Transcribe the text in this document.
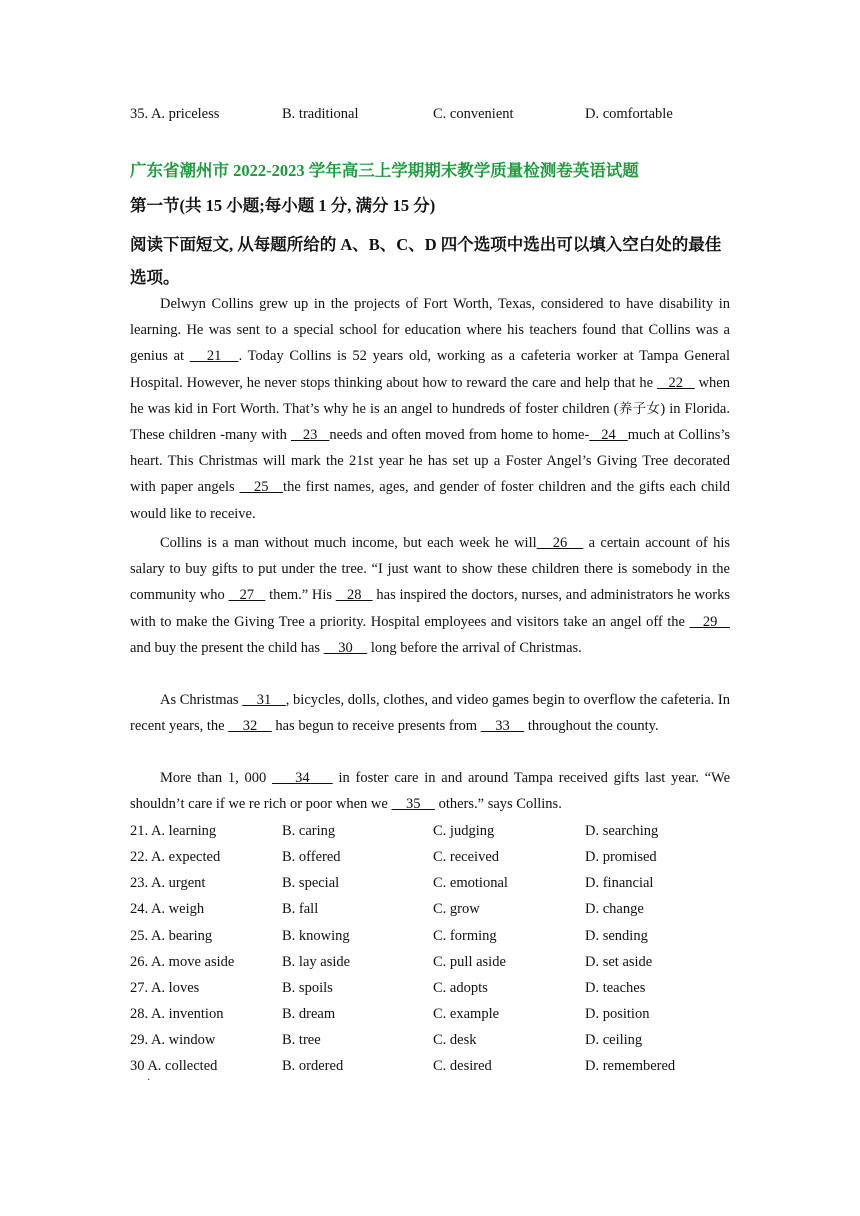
35. A. priceless	B. traditional	C. convenient	D. comfortable
广东省潮州市 2022-2023 学年高三上学期期末教学质量检测卷英语试题
第一节(共 15 小题;每小题 1 分, 满分 15 分)
阅读下面短文, 从每题所给的 A、B、C、D 四个选项中选出可以填入空白处的最佳选项。

Delwyn Collins grew up in the projects of Fort Worth, Texas, considered to have disability in learning. He was sent to a special school for education where his teachers found that Collins was a genius at    21   . Today Collins is 52 years old, working as a cafeteria worker at Tampa General Hospital. However, he never stops thinking about how to reward the care and help that he    22    when he was kid in Fort Worth. That’s why he is an angel to hundreds of foster children (养子女) in Florida. These children -many with    23   needs and often moved from home to home-   24   much at Collins’s heart. This Christmas will mark the 21st year he has set up a Foster Angel’s Giving Tree decorated with paper angels    25   the first names, ages, and gender of foster children and the gifts each child would like to receive.

Collins is a man without much income, but each week he will   26    a certain account of his salary to buy gifts to put under the tree. “I just want to show these children there is somebody in the community who    27    them.” His    28    has inspired the doctors, nurses, and administrators he works with to make the Giving Tree a priority. Hospital employees and visitors take an angel off the    29    and buy the present the child has     30     long before the arrival of Christmas.

As Christmas     31    , bicycles, dolls, clothes, and video games begin to overflow the cafeteria. In recent years, the     32     has begun to receive presents from     33     throughout the county.

More than 1, 000     34     in foster care in and around Tampa received gifts last year. “We shouldn’t care if we re rich or poor when we     35     others.” says Collins.

21. A. learning	B. caring	C. judging	D. searching
22. A. expected	B. offered	C. received	D. promised
23. A. urgent	B. special	C. emotional	D. financial
24. A. weigh	B. fall	C. grow	D. change
25. A. bearing	B. knowing	C. forming	D. sending
26. A. move aside	B. lay aside	C. pull aside	D. set aside
27. A. loves	B. spoils	C. adopts	D. teaches
28. A. invention	B. dream	C. example	D. position
29. A. window	B. tree	C. desk	D. ceiling
30 A. collected	B. ordered	C. desired	D. remembered
·
